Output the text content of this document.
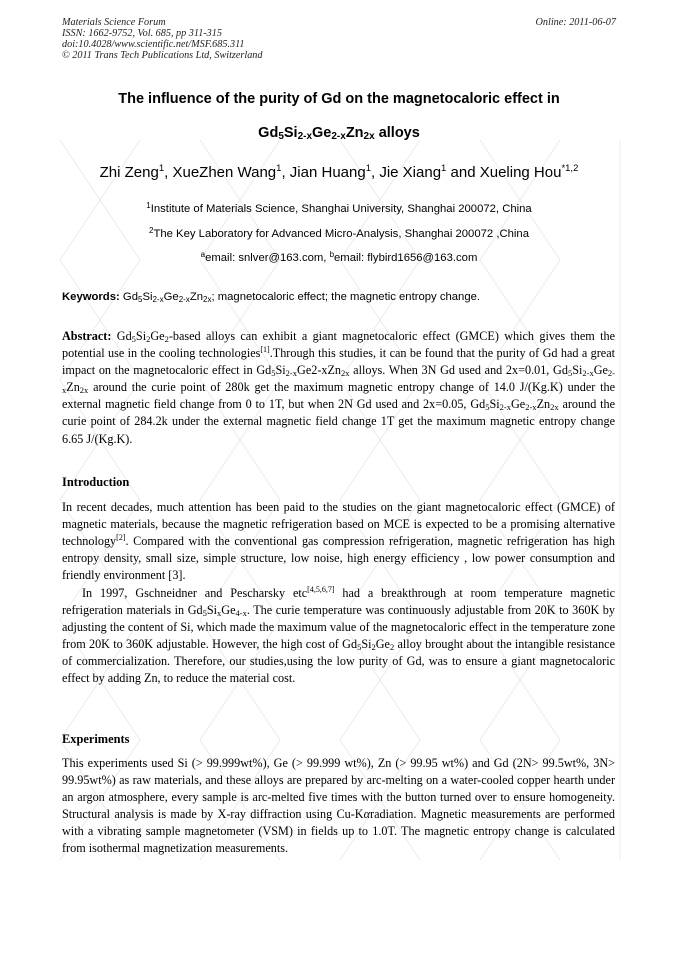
Materials Science Forum
ISSN: 1662-9752, Vol. 685, pp 311-315
doi:10.4028/www.scientific.net/MSF.685.311
© 2011 Trans Tech Publications Ltd, Switzerland
Online: 2011-06-07
The influence of the purity of Gd on the magnetocaloric effect in
$Gd_5Si_{2-x}Ge_{2-x}Zn_{2x}$ alloys
Zhi Zeng$^1$, XueZhen Wang$^1$, Jian Huang$^1$, Jie Xiang$^1$ and Xueling Hou$^{*1,2}$
$^1$Institute of Materials Science, Shanghai University, Shanghai 200072, China
$^2$The Key Laboratory for Advanced Micro-Analysis, Shanghai 200072 ,China
$^a$email: snlver@163.com, $^b$email: flybird1656@163.com
Keywords: $Gd_5Si_{2-x}Ge_{2-x}Zn_{2x}$; magnetocaloric effect; the magnetic entropy change.
Abstract: $Gd_5Si_2Ge_2$-based alloys can exhibit a giant magnetocaloric effect (GMCE) which gives them the potential use in the cooling technologies[1].Through this studies, it can be found that the purity of Gd had a great impact on the magnetocaloric effect in $Gd_5Si_{2-x}Ge2-xZn_{2x}$ alloys. When 3N Gd used and 2x=0.01, $Gd_5Si_{2-x}Ge_{2-x}Zn_{2x}$ around the curie point of 280k get the maximum magnetic entropy change of 14.0 J/(Kg.K) under the external magnetic field change from 0 to 1T, but when 2N Gd used and 2x=0.05, $Gd_5Si_{2-x}Ge_{2-x}Zn_{2x}$ around the curie point of 284.2k under the external magnetic field change 1T get the maximum magnetic entropy change 6.65 J/(Kg.K).
Introduction
In recent decades, much attention has been paid to the studies on the giant magnetocaloric effect (GMCE) of magnetic materials, because the magnetic refrigeration based on MCE is expected to be a promising alternative technology[2]. Compared with the conventional gas compression refrigeration, magnetic refrigeration has high entropy density, small size, simple structure, low noise, high energy efficiency , low power consumption and friendly environment [3].
In 1997, Gschneidner and Pescharsky etc[4,5,6,7] had a breakthrough at room temperature magnetic refrigeration materials in $Gd_5Si_xGe_{4-x}$. The curie temperature was continuously adjustable from 20K to 360K by adjusting the content of Si, which made the maximum value of the magnetocaloric effect in the temperature zone from 20K to 360K adjustable. However, the high cost of $Gd_5Si_2Ge_2$ alloy brought about the intangible resistance of commercialization. Therefore, our studies,using the low purity of Gd, was to ensure a giant magnetocaloric effect by adding Zn, to reduce the material cost.
Experiments
This experiments used Si (> 99.999wt%), Ge (> 99.999 wt%), Zn (> 99.95 wt%) and Gd (2N> 99.5wt%, 3N> 99.95wt%) as raw materials, and these alloys are prepared by arc-melting on a water-cooled copper hearth under an argon atmosphere, every sample is arc-melted five times with the button turned over to ensure homogeneity. Structural analysis is made by X-ray diffraction using Cu-Kαradiation. Magnetic measurements are performed with a vibrating sample magnetometer (VSM) in fields up to 1.0T. The magnetic entropy change is calculated from isothermal magnetization measurements.
